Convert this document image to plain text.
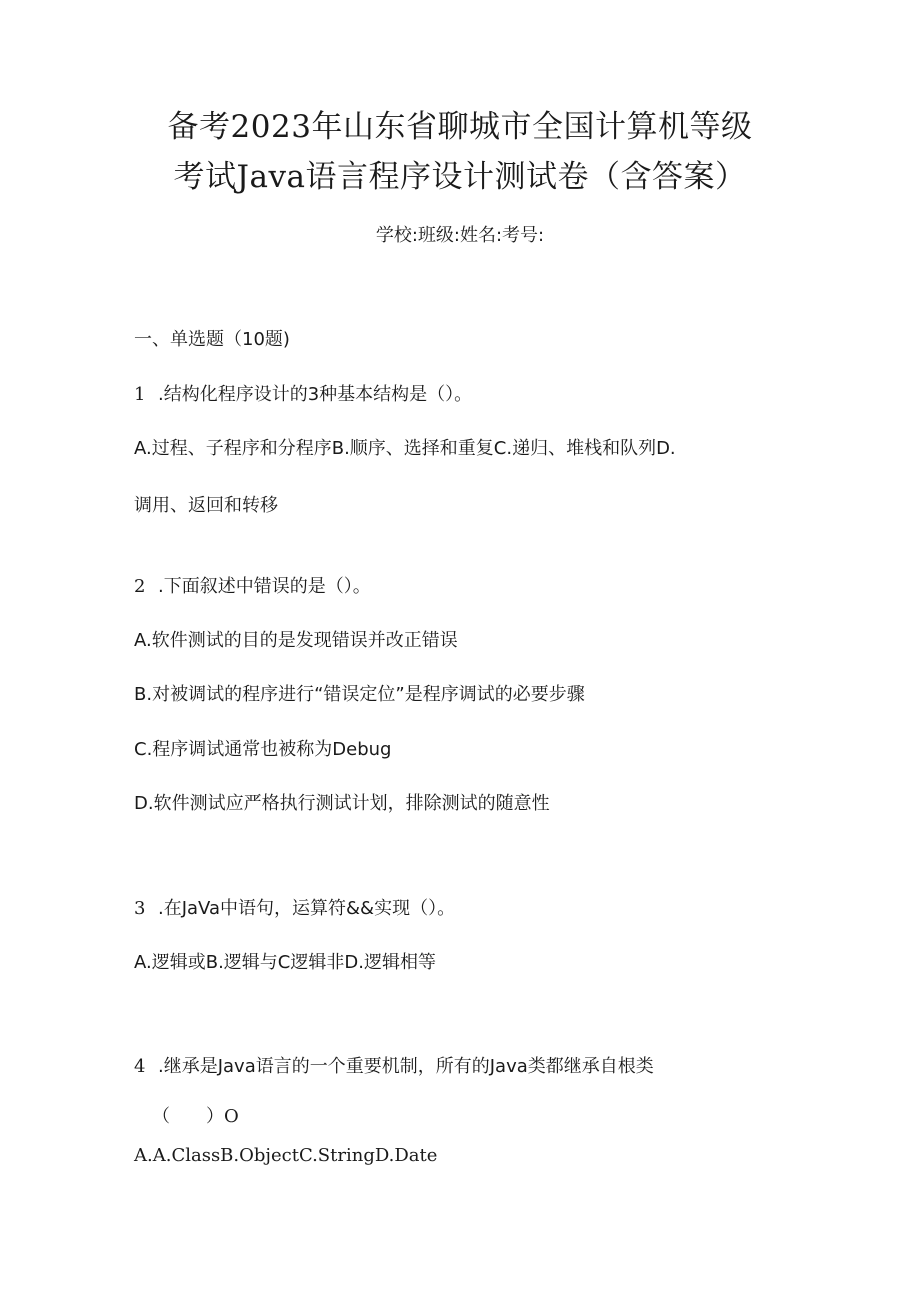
备考2023年山东省聊城市全国计算机等级
考试Java语言程序设计测试卷（含答案）
学校:班级:姓名:考号:
一、单选题（10题)
1 .结构化程序设计的3种基本结构是（）。
A.过程、子程序和分程序B.顺序、选择和重复C.递归、堆栈和队列D.
调用、返回和转移
2 .下面叙述中错误的是（）。
A.软件测试的目的是发现错误并改正错误
B.对被调试的程序进行“错误定位”是程序调试的必要步骤
C.程序调试通常也被称为Debug
D.软件测试应严格执行测试计划，排除测试的随意性
3 .在JaVa中语句，运算符&&实现（）。
A.逻辑或B.逻辑与C逻辑非D.逻辑相等
4 .继承是Java语言的一个重要机制，所有的Java类都继承自根类
（　　）O
A.A.ClassB.ObjectC.StringD.Date
